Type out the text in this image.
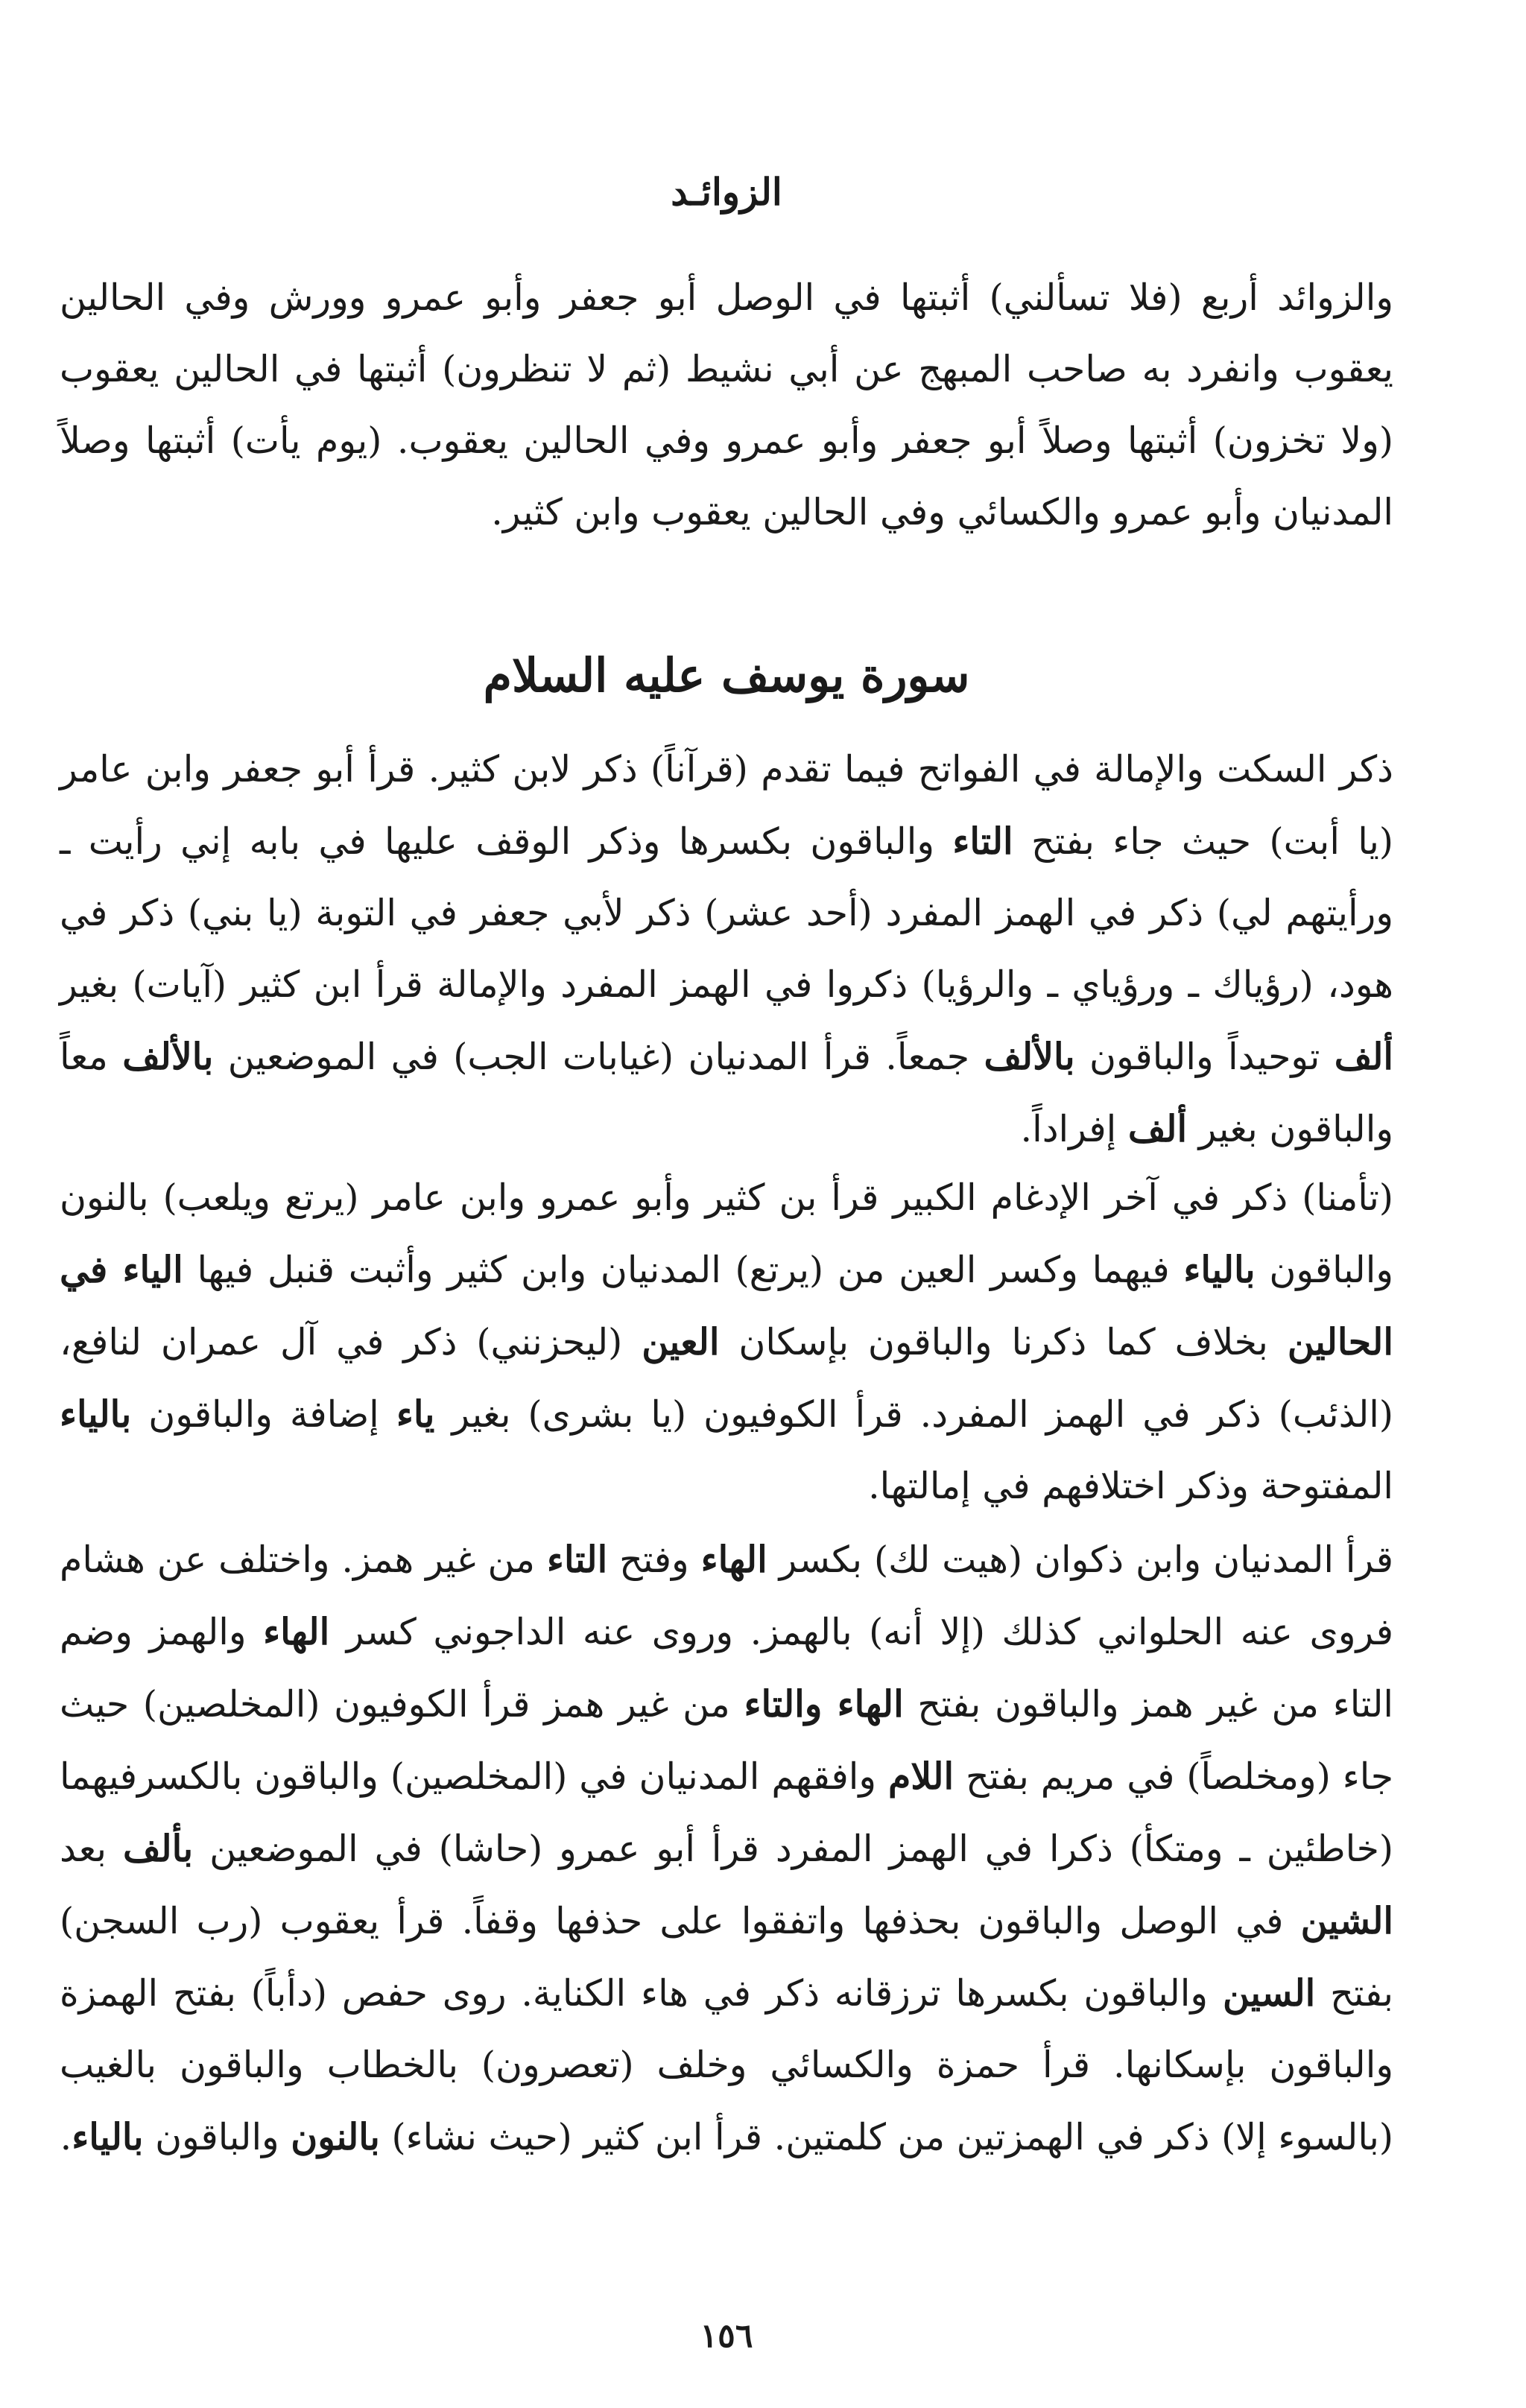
الزوائـد

والزوائد أربع (فلا تسألني) أثبتها في الوصل أبو جعفر وأبو عمرو وورش وفي الحالين يعقوب وانفرد به صاحب المبهج عن أبي نشيط (ثم لا تنظرون) أثبتها في الحالين يعقوب (ولا تخزون) أثبتها وصلاً أبو جعفر وأبو عمرو وفي الحالين يعقوب. (يوم يأت) أثبتها وصلاً المدنيان وأبو عمرو والكسائي وفي الحالين يعقوب وابن كثير.

سورة يوسف عليه السلام

ذكر السكت والإمالة في الفواتح فيما تقدم (قرآناً) ذكر لابن كثير. قرأ أبو جعفر وابن عامر (يا أبت) حيث جاء بفتح التاء والباقون بكسرها وذكر الوقف عليها في بابه إني رأيت ـ ورأيتهم لي) ذكر في الهمز المفرد (أحد عشر) ذكر لأبي جعفر في التوبة (يا بني) ذكر في هود، (رؤياك ـ ورؤياي ـ والرؤيا) ذكروا في الهمز المفرد والإمالة قرأ ابن كثير (آيات) بغير ألف توحيداً والباقون بالألف جمعاً. قرأ المدنيان (غيابات الجب) في الموضعين بالألف معاً والباقون بغير ألف إفراداً.

(تأمنا) ذكر في آخر الإدغام الكبير قرأ بن كثير وأبو عمرو وابن عامر (يرتع ويلعب) بالنون والباقون بالياء فيهما وكسر العين من (يرتع) المدنيان وابن كثير وأثبت قنبل فيها الياء في الحالين بخلاف كما ذكرنا والباقون بإسكان العين (ليحزنني) ذكر في آل عمران لنافع، (الذئب) ذكر في الهمز المفرد. قرأ الكوفيون (يا بشرى) بغير ياء إضافة والباقون بالياء المفتوحة وذكر اختلافهم في إمالتها.

قرأ المدنيان وابن ذكوان (هيت لك) بكسر الهاء وفتح التاء من غير همز. واختلف عن هشام فروى عنه الحلواني كذلك (إلا أنه) بالهمز. وروى عنه الداجوني كسر الهاء والهمز وضم التاء من غير همز والباقون بفتح الهاء والتاء من غير همز قرأ الكوفيون (المخلصين) حيث جاء (ومخلصاً) في مريم بفتح اللام وافقهم المدنيان في (المخلصين) والباقون بالكسرفيهما (خاطئين ـ ومتكأ) ذكرا في الهمز المفرد قرأ أبو عمرو (حاشا) في الموضعين بألف بعد الشين في الوصل والباقون بحذفها واتفقوا على حذفها وقفاً. قرأ يعقوب (رب السجن) بفتح السين والباقون بكسرها ترزقانه ذكر في هاء الكناية. روى حفص (دأباً) بفتح الهمزة والباقون بإسكانها. قرأ حمزة والكسائي وخلف (تعصرون) بالخطاب والباقون بالغيب (بالسوء إلا) ذكر في الهمزتين من كلمتين. قرأ ابن كثير (حيث نشاء) بالنون والباقون بالياء.

١٥٦
